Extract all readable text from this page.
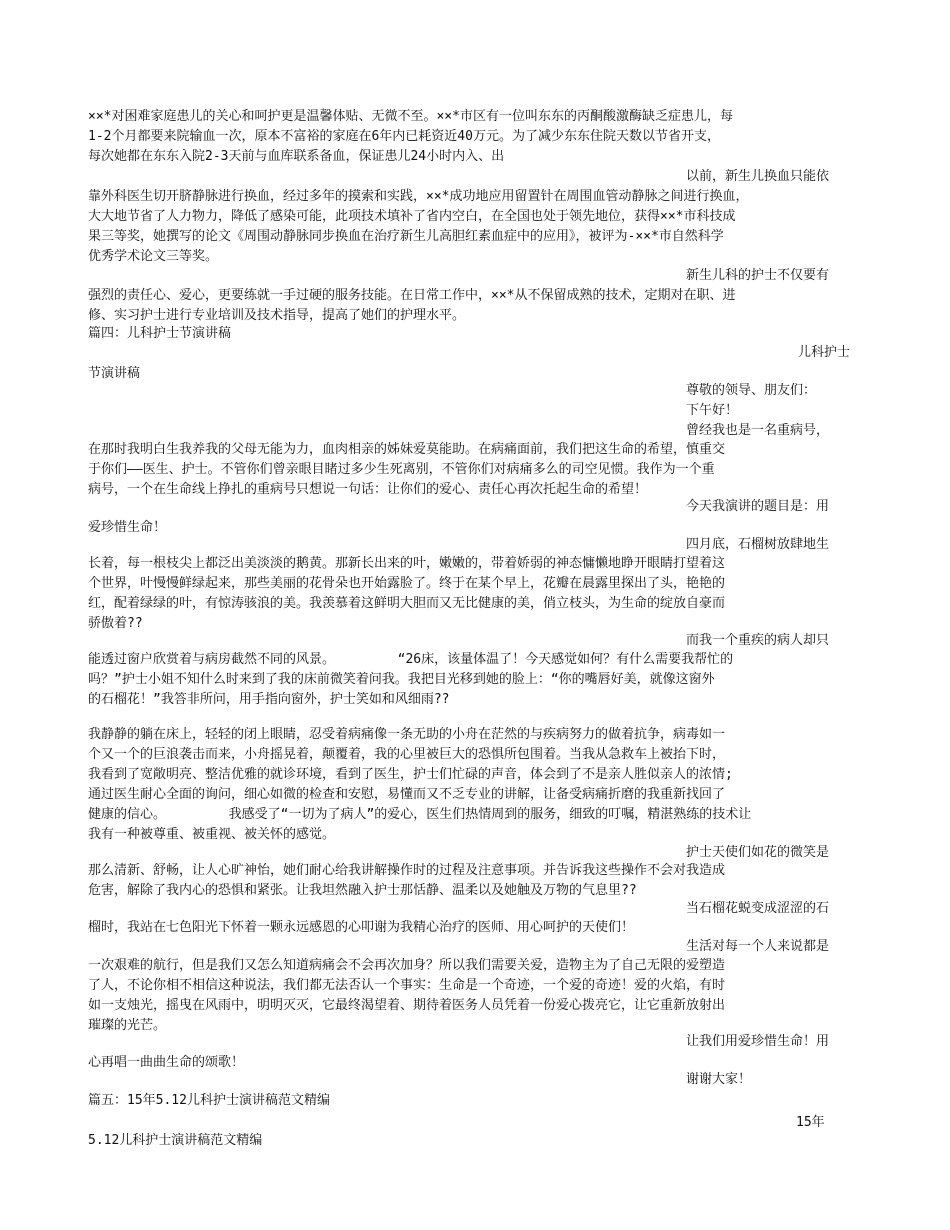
××*对困难家庭患儿的关心和呵护更是温馨体贴、无微不至。××*市区有一位叫东东的丙酮酸激酶缺乏症患儿，每
1-2个月都要来院输血一次，原本不富裕的家庭在6年内已耗资近40万元。为了减少东东住院天数以节省开支，
每次她都在东东入院2-3天前与血库联系备血，保证患儿24小时内入、出
以前，新生儿换血只能依
靠外科医生切开脐静脉进行换血，经过多年的摸索和实践，××*成功地应用留置针在周围血管动静脉之间进行换血，
大大地节省了人力物力，降低了感染可能，此项技术填补了省内空白，在全国也处于领先地位，获得××*市科技成
果三等奖，她撰写的论文《周围动静脉同步换血在治疗新生儿高胆红素血症中的应用》，被评为-××*市自然科学
优秀学术论文三等奖。
新生儿科的护士不仅要有
强烈的责任心、爱心，更要练就一手过硬的服务技能。在日常工作中，××*从不保留成熟的技术，定期对在职、进
修、实习护士进行专业培训及技术指导，提高了她们的护理水平。
篇四：儿科护士节演讲稿
儿科护士
节演讲稿
尊敬的领导、朋友们：
下午好！
曾经我也是一名重病号，
在那时我明白生我养我的父母无能为力，血肉相亲的姊妹爱莫能助。在病痛面前，我们把这生命的希望，慎重交
于你们——医生、护士。不管你们曾亲眼目睹过多少生死离别，不管你们对病痛多么的司空见惯。我作为一个重
病号，一个在生命线上挣扎的重病号只想说一句话：让你们的爱心、责任心再次托起生命的希望！
今天我演讲的题目是：用
爱珍惜生命！
四月底，石榴树放肆地生
长着，每一根枝尖上都泛出美淡淡的鹅黄。那新长出来的叶，嫩嫩的，带着娇弱的神态慵懒地睁开眼睛打望着这
个世界，叶慢慢鲜绿起来，那些美丽的花骨朵也开始露脸了。终于在某个早上，花瓣在晨露里探出了头，艳艳的
红，配着绿绿的叶，有惊涛骇浪的美。我羡慕着这鲜明大胆而又无比健康的美，俏立枝头，为生命的绽放自豪而
骄傲着??
而我一个重疾的病人却只
能透过窗户欣赏着与病房截然不同的风景。        “26床，该量体温了！今天感觉如何？有什么需要我帮忙的
吗？”护士小姐不知什么时来到了我的床前微笑着问我。我把目光移到她的脸上：“你的嘴唇好美，就像这窗外
的石榴花！”我答非所问，用手指向窗外，护士笑如和风细雨??
我静静的躺在床上，轻轻的闭上眼睛，忍受着病痛像一条无助的小舟在茫然的与疾病努力的做着抗争，病毒如一
个又一个的巨浪袭击而来，小舟摇晃着，颠覆着，我的心里被巨大的恐惧所包围着。当我从急救车上被抬下时，
我看到了宽敞明亮、整洁优雅的就诊环境，看到了医生，护士们忙碌的声音，体会到了不是亲人胜似亲人的浓情;
通过医生耐心全面的询问，细心如微的检查和安慰，易懂而又不乏专业的讲解，让备受病痛折磨的我重新找回了
健康的信心。        我感受了“一切为了病人”的爱心，医生们热情周到的服务，细致的叮嘱，精湛熟练的技术让
我有一种被尊重、被重视、被关怀的感觉。
护士天使们如花的微笑是
那么清新、舒畅，让人心旷神怡，她们耐心给我讲解操作时的过程及注意事项。并告诉我这些操作不会对我造成
危害，解除了我内心的恐惧和紧张。让我坦然融入护士那恬静、温柔以及她触及万物的气息里??
当石榴花蜕变成涩涩的石
榴时，我站在七色阳光下怀着一颗永远感恩的心叩谢为我精心治疗的医师、用心呵护的天使们！
生活对每一个人来说都是
一次艰难的航行，但是我们又怎么知道病痛会不会再次加身？所以我们需要关爱，造物主为了自己无限的爱塑造
了人，不论你相不相信这种说法，我们都无法否认一个事实：生命是一个奇迹，一个爱的奇迹！爱的火焰，有时
如一支烛光，摇曳在风雨中，明明灭灭，它最终渴望着、期待着医务人员凭着一份爱心拨亮它，让它重新放射出
璀璨的光芒。
让我们用爱珍惜生命！用
心再唱一曲曲生命的颂歌！
谢谢大家！
篇五：15年5.12儿科护士演讲稿范文精编
15年
5.12儿科护士演讲稿范文精编
